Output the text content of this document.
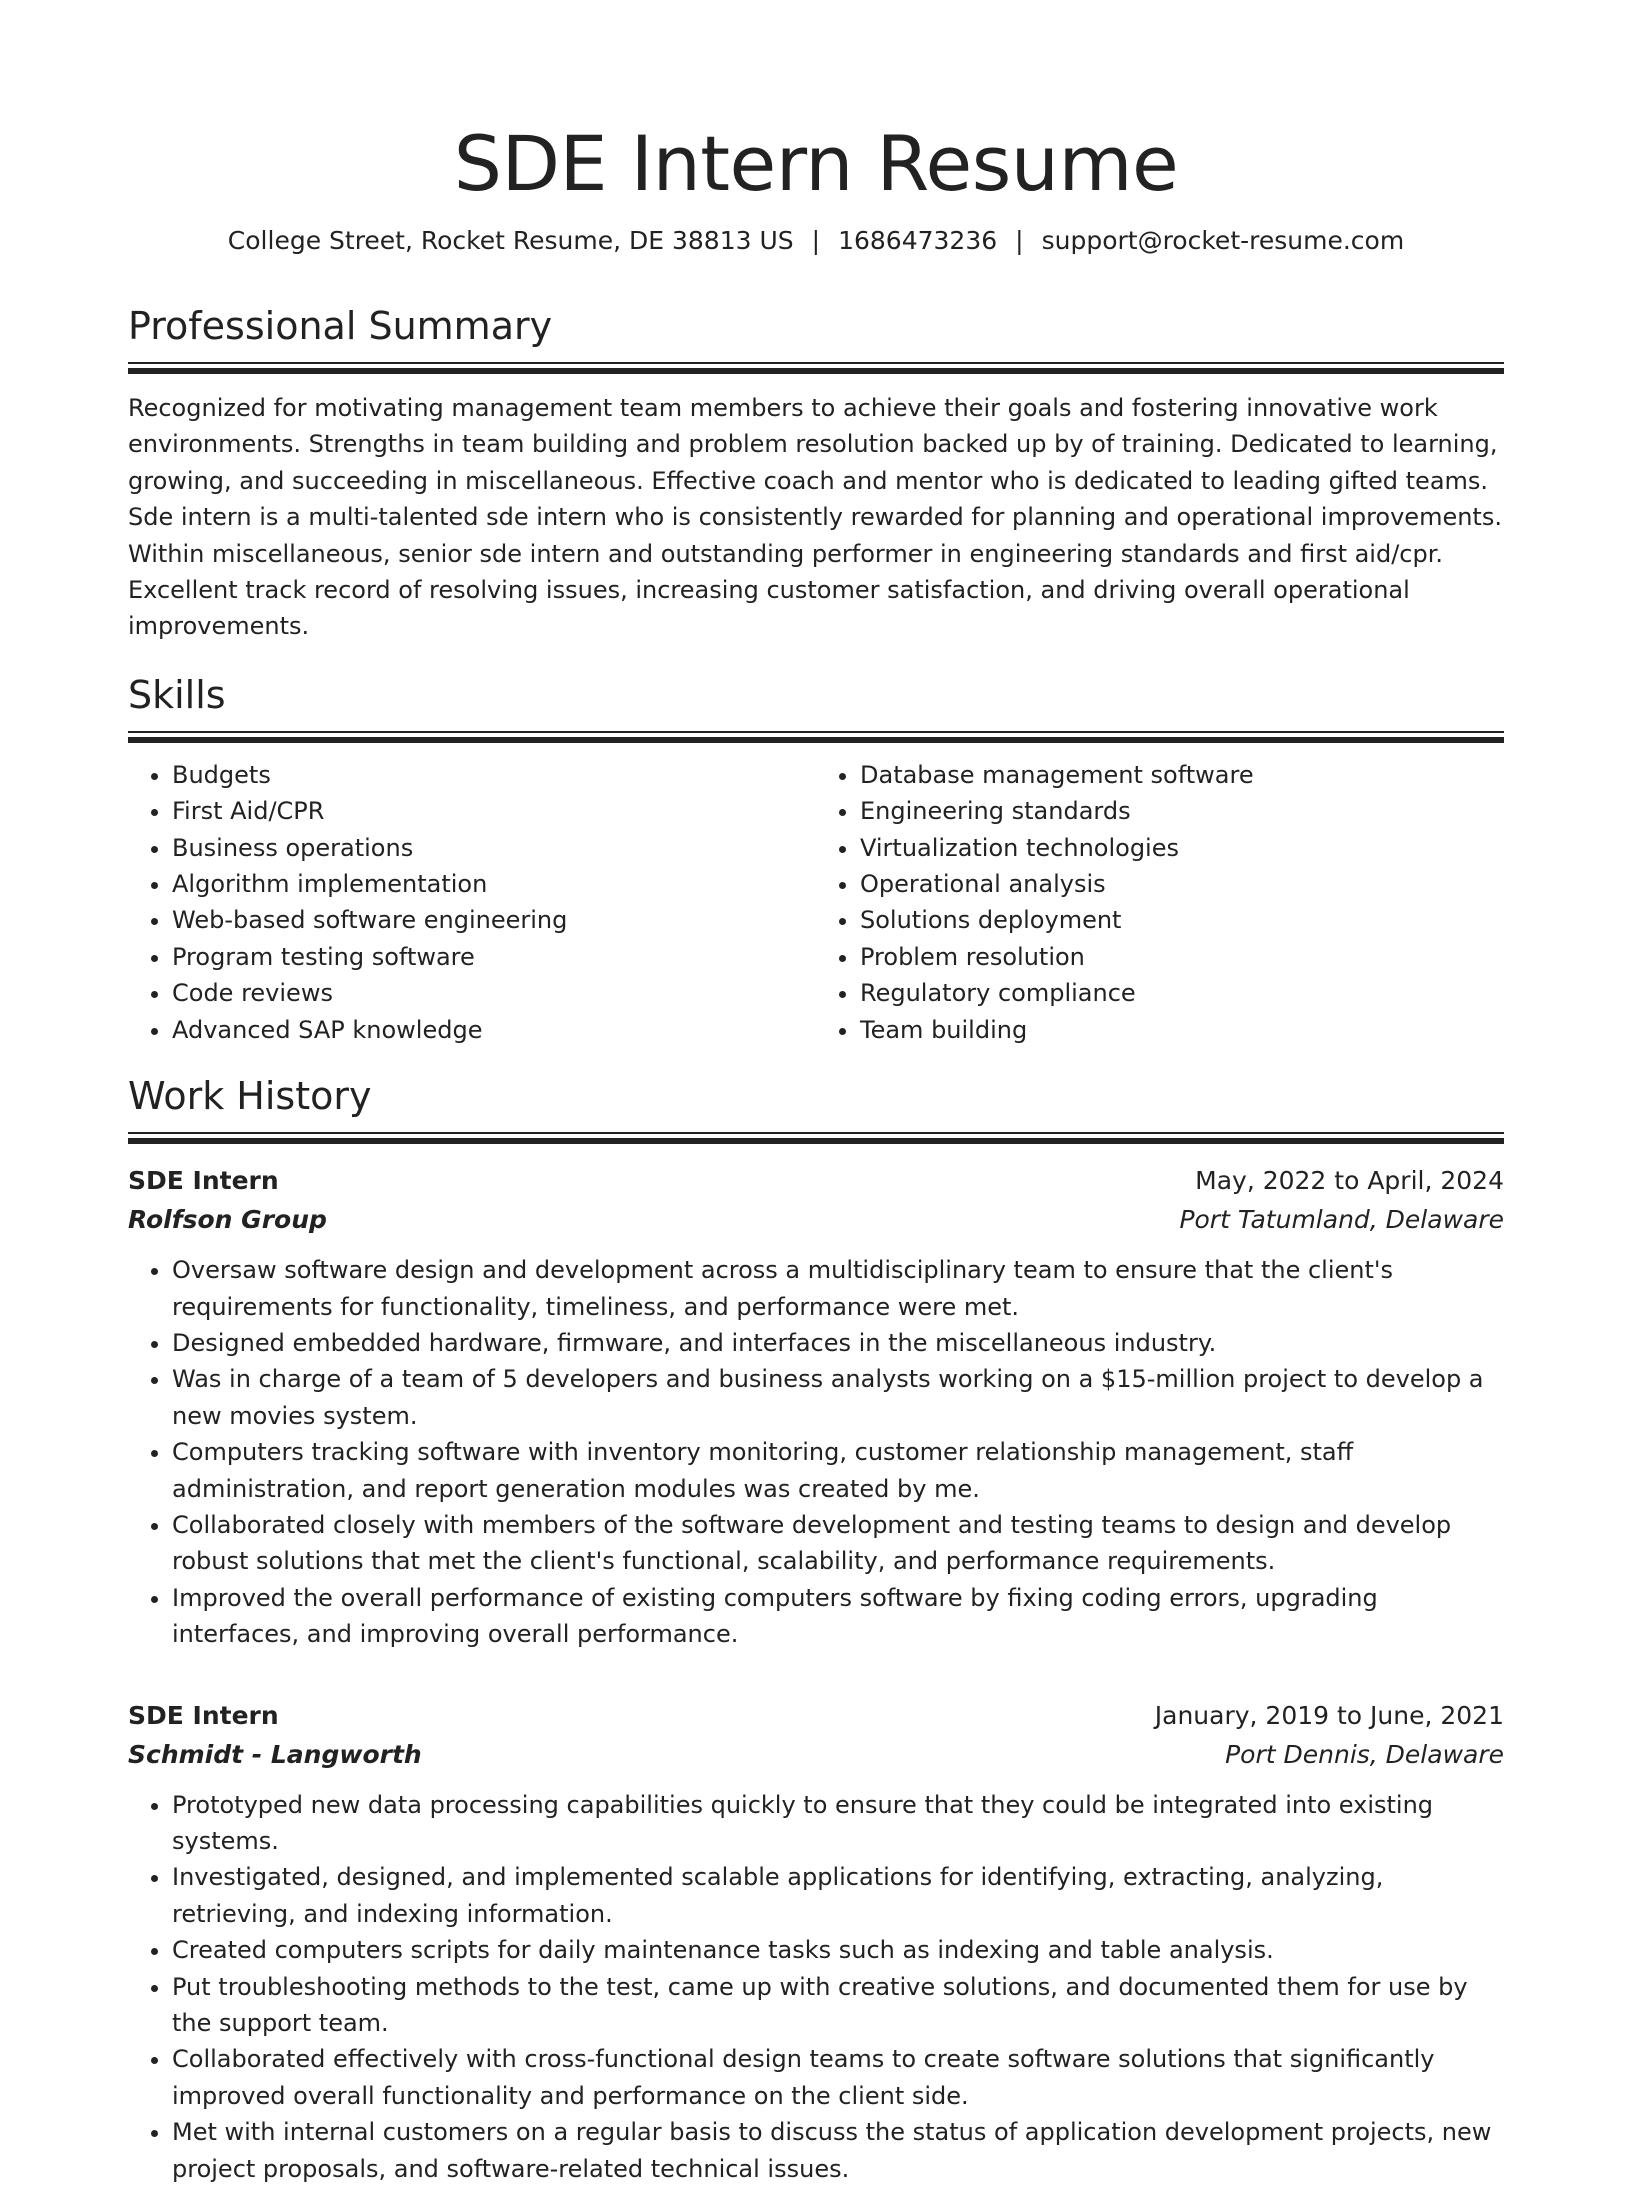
SDE Intern Resume
College Street, Rocket Resume, DE 38813 US | 1686473236 | support@rocket-resume.com
Professional Summary

Recognized for motivating management team members to achieve their goals and fostering innovative work environments. Strengths in team building and problem resolution backed up by of training. Dedicated to learning, growing, and succeeding in miscellaneous. Effective coach and mentor who is dedicated to leading gifted teams. Sde intern is a multi-talented sde intern who is consistently rewarded for planning and operational improvements. Within miscellaneous, senior sde intern and outstanding performer in engineering standards and first aid/cpr. Excellent track record of resolving issues, increasing customer satisfaction, and driving overall operational improvements.

Skills
• Budgets
• First Aid/CPR
• Business operations
• Algorithm implementation
• Web-based software engineering
• Program testing software
• Code reviews
• Advanced SAP knowledge
• Database management software
• Engineering standards
• Virtualization technologies
• Operational analysis
• Solutions deployment
• Problem resolution
• Regulatory compliance
• Team building
Work History
SDE Intern	May, 2022 to April, 2024
Rolfson Group	Port Tatumland, Delaware
• Oversaw software design and development across a multidisciplinary team to ensure that the client's requirements for functionality, timeliness, and performance were met.
• Designed embedded hardware, firmware, and interfaces in the miscellaneous industry.
• Was in charge of a team of 5 developers and business analysts working on a $15-million project to develop a new movies system.
• Computers tracking software with inventory monitoring, customer relationship management, staff administration, and report generation modules was created by me.
• Collaborated closely with members of the software development and testing teams to design and develop robust solutions that met the client's functional, scalability, and performance requirements.
• Improved the overall performance of existing computers software by fixing coding errors, upgrading interfaces, and improving overall performance.
SDE Intern	January, 2019 to June, 2021
Schmidt - Langworth	Port Dennis, Delaware
• Prototyped new data processing capabilities quickly to ensure that they could be integrated into existing systems.
• Investigated, designed, and implemented scalable applications for identifying, extracting, analyzing, retrieving, and indexing information.
• Created computers scripts for daily maintenance tasks such as indexing and table analysis.
• Put troubleshooting methods to the test, came up with creative solutions, and documented them for use by the support team.
• Collaborated effectively with cross-functional design teams to create software solutions that significantly improved overall functionality and performance on the client side.
• Met with internal customers on a regular basis to discuss the status of application development projects, new project proposals, and software-related technical issues.
